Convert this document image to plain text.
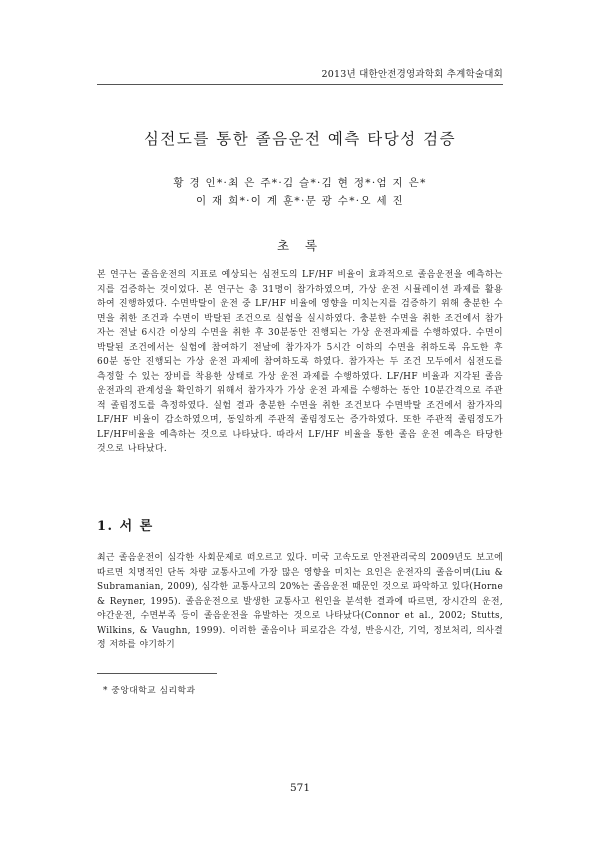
2013년 대한안전경영과학회 추계학술대회
심전도를 통한 졸음운전 예측 타당성 검증
황 경 인*·최 은 주*·김 슬*·김 현 정*·엄 지 은*
이 재 희*·이 계 훈*·문 광 수*·오 세 진
초 록

본 연구는 졸음운전의 지표로 예상되는 심전도의 LF/HF 비율이 효과적으로 졸음운전을 예측하는지를 검증하는 것이었다. 본 연구는 총 31명이 참가하였으며, 가상 운전 시뮬레이션 과제를 활용하여 진행하였다. 수면박탈이 운전 중 LF/HF 비율에 영향을 미치는지를 검증하기 위해 충분한 수면을 취한 조건과 수면이 박탈된 조건으로 실험을 실시하였다. 충분한 수면을 취한 조건에서 참가자는 전날 6시간 이상의 수면을 취한 후 30분동안 진행되는 가상 운전과제를 수행하였다. 수면이 박탈된 조건에서는 실험에 참여하기 전날에 참가자가 5시간 이하의 수면을 취하도록 유도한 후 60분 동안 진행되는 가상 운전 과제에 참여하도록 하였다. 참가자는 두 조건 모두에서 심전도를 측정할 수 있는 장비를 착용한 상태로 가상 운전 과제를 수행하였다. LF/HF 비율과 지각된 졸음운전과의 관계성을 확인하기 위해서 참가자가 가상 운전 과제를 수행하는 동안 10분간격으로 주관적 졸림정도를 측정하였다. 실험 결과 충분한 수면을 취한 조건보다 수면박탈 조건에서 참가자의 LF/HF 비율이 감소하였으며, 동일하게 주관적 졸림정도는 증가하였다. 또한 주관적 졸림정도가 LF/HF비율을 예측하는 것으로 나타났다. 따라서 LF/HF 비율을 통한 졸음 운전 예측은 타당한 것으로 나타났다.

1. 서 론

최근 졸음운전이 심각한 사회문제로 떠오르고 있다. 미국 고속도로 안전관리국의 2009년도 보고에 따르면 치명적인 단독 차량 교통사고에 가장 많은 영향을 미치는 요인은 운전자의 졸음이며(Liu & Subramanian, 2009), 심각한 교통사고의 20%는 졸음운전 때문인 것으로 파악하고 있다(Horne & Reyner, 1995). 졸음운전으로 발생한 교통사고 원인을 분석한 결과에 따르면, 장시간의 운전, 야간운전, 수면부족 등이 졸음운전을 유발하는 것으로 나타났다(Connor et al., 2002; Stutts, Wilkins, & Vaughn, 1999). 이러한 졸음이나 피로감은 각성, 반응시간, 기억, 정보처리, 의사결정 저하를 야기하기

* 중앙대학교 심리학과

571
